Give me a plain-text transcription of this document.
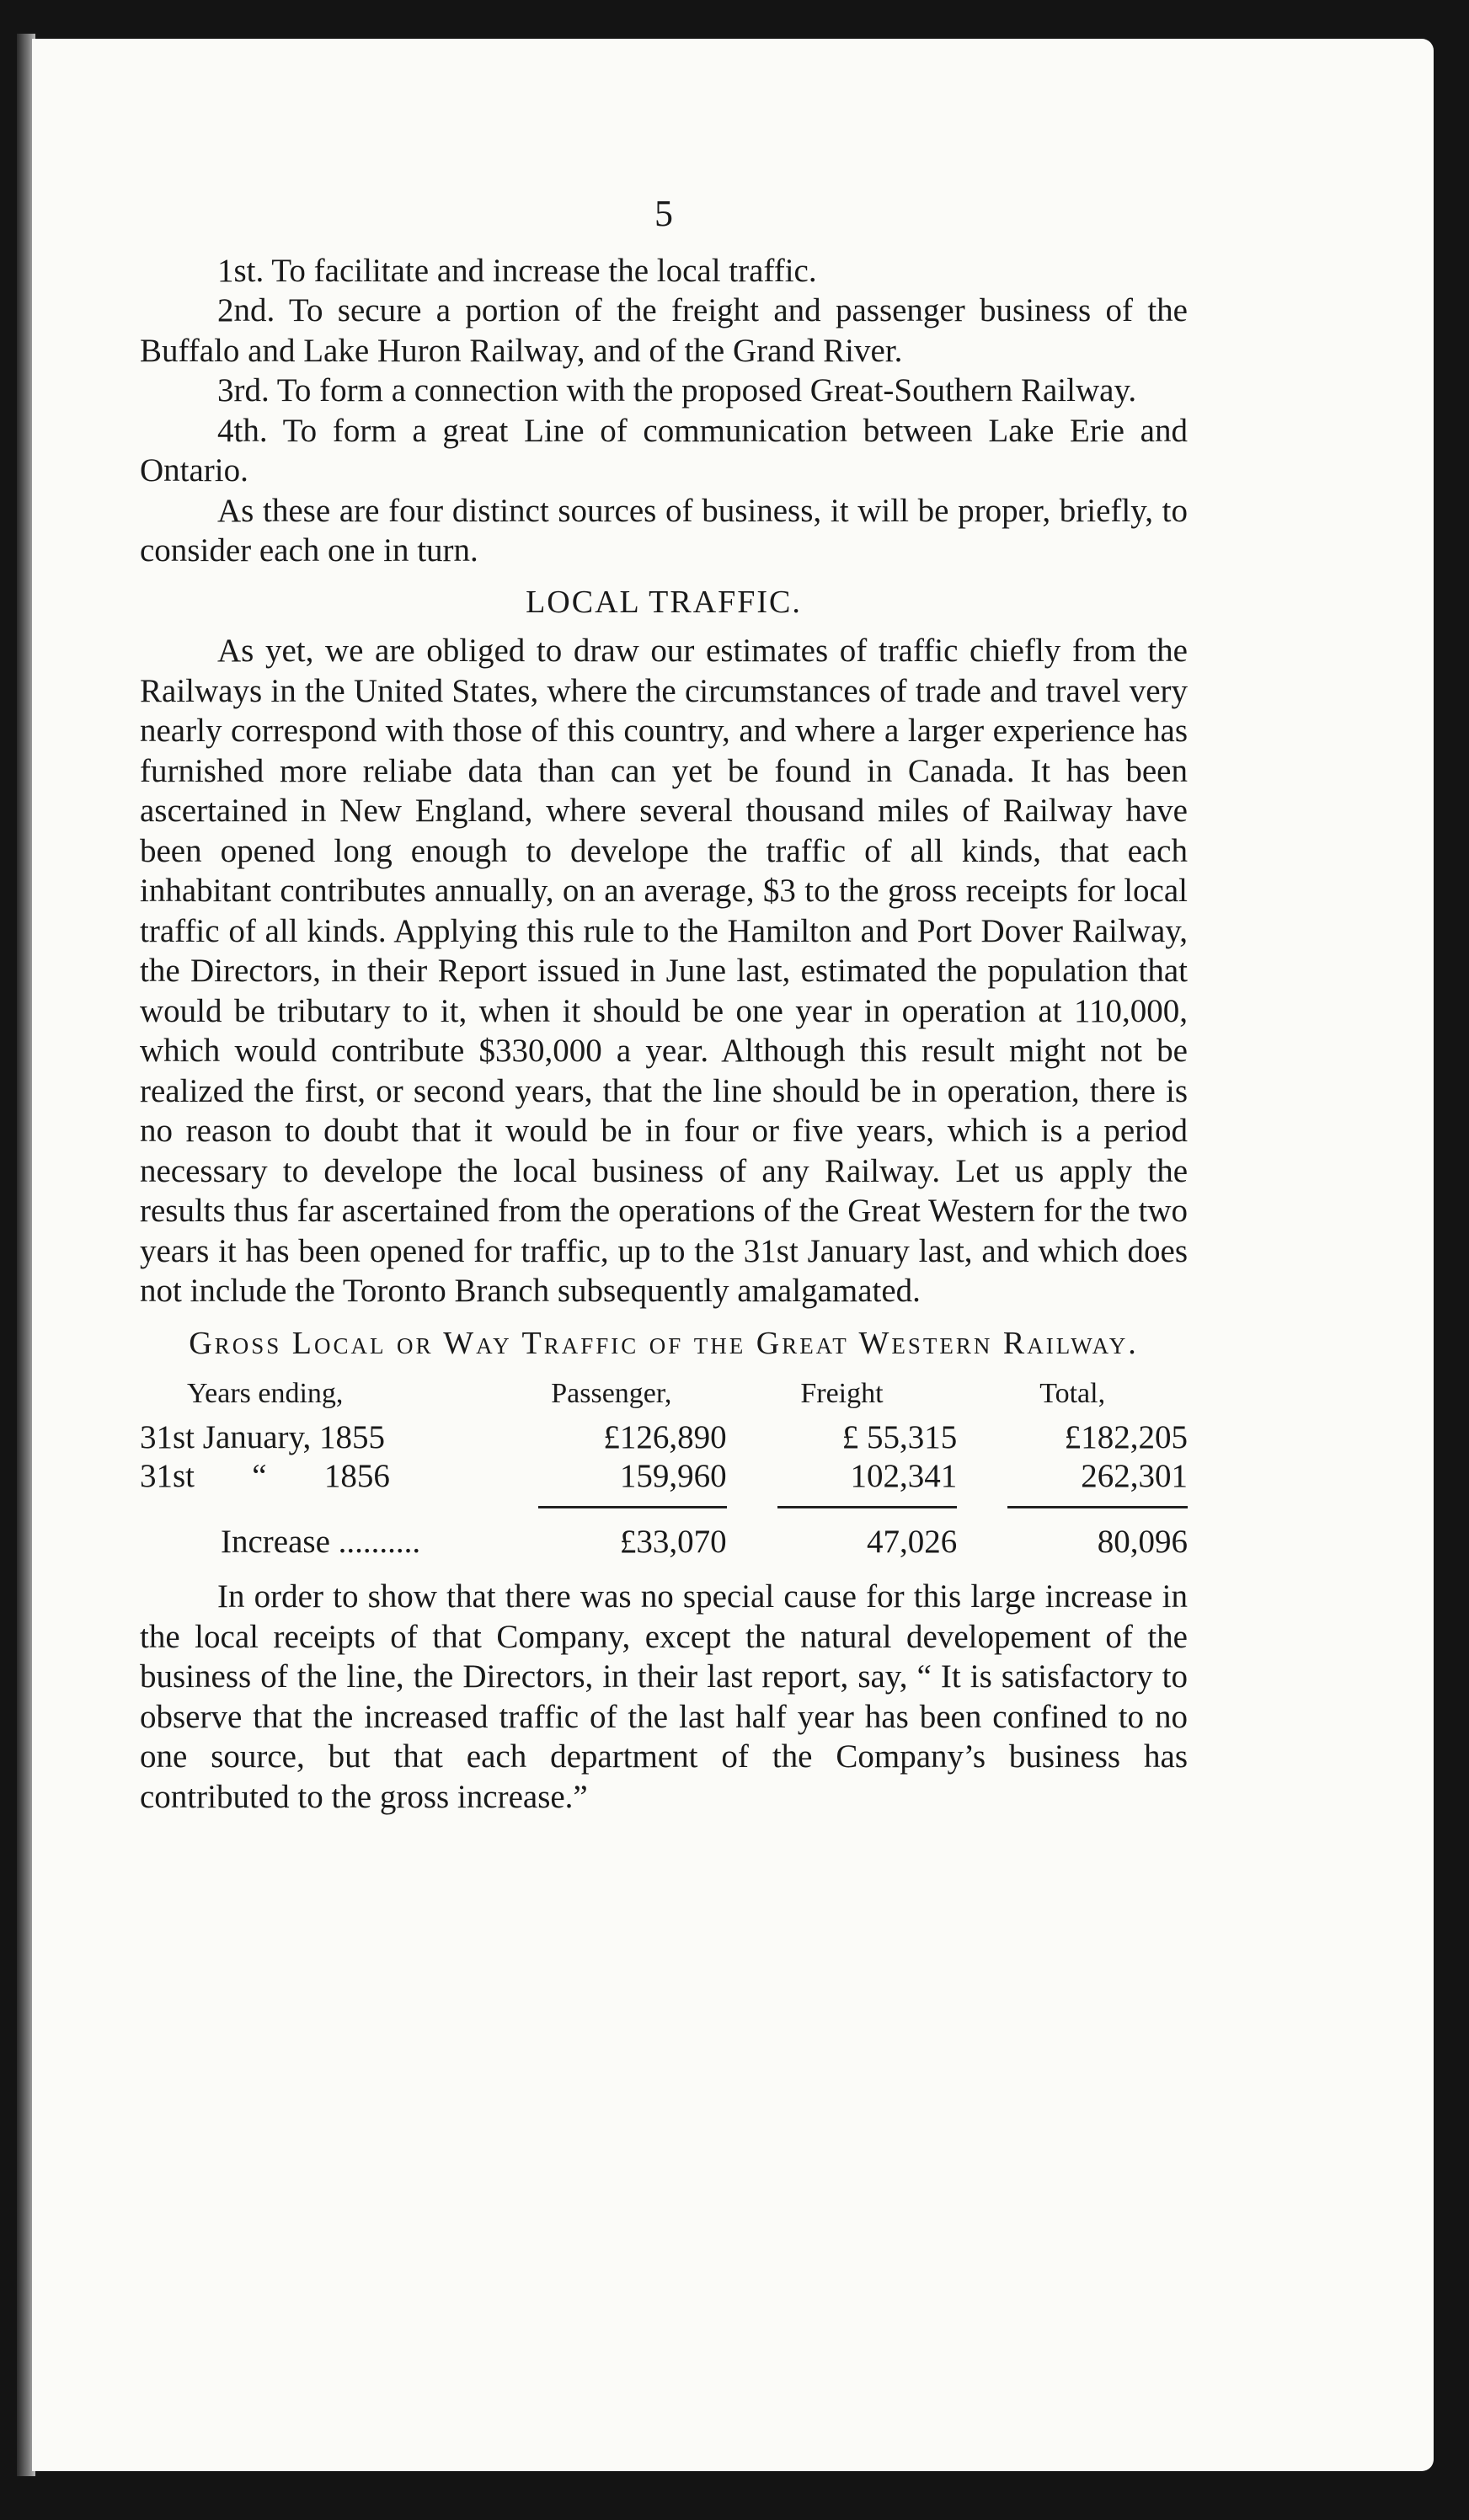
5

1st. To facilitate and increase the local traffic.

2nd. To secure a portion of the freight and passenger business of the Buffalo and Lake Huron Railway, and of the Grand River.

3rd. To form a connection with the proposed Great-Southern Railway.

4th. To form a great Line of communication between Lake Erie and Ontario.

As these are four distinct sources of business, it will be proper, briefly, to consider each one in turn.

LOCAL TRAFFIC.

As yet, we are obliged to draw our estimates of traffic chiefly from the Railways in the United States, where the circumstances of trade and travel very nearly correspond with those of this country, and where a larger experience has furnished more reliabe data than can yet be found in Canada. It has been ascertained in New England, where several thousand miles of Railway have been opened long enough to develope the traffic of all kinds, that each inhabitant contributes annually, on an average, $3 to the gross receipts for local traffic of all kinds. Applying this rule to the Hamilton and Port Dover Railway, the Directors, in their Report issued in June last, estimated the population that would be tributary to it, when it should be one year in operation at 110,000, which would contribute $330,000 a year. Although this result might not be realized the first, or second years, that the line should be in operation, there is no reason to doubt that it would be in four or five years, which is a period necessary to develope the local business of any Railway. Let us apply the results thus far ascertained from the operations of the Great Western for the two years it has been opened for traffic, up to the 31st January last, and which does not include the Toronto Branch subsequently amalgamated.

Gross Local or Way Traffic of the Great Western Railway.
Years ending,	Passenger,	Freight	Total,
31st January, 1855	£126,890	£ 55,315	£182,205
31st       “       1856	159,960	102,341	262,301

Increase ..........	£33,070	47,026	80,096

In order to show that there was no special cause for this large increase in the local receipts of that Company, except the natural developement of the business of the line, the Directors, in their last report, say, “ It is satisfactory to observe that the increased traffic of the last half year has been confined to no one source, but that each department of the Company’s business has contributed to the gross increase.”
